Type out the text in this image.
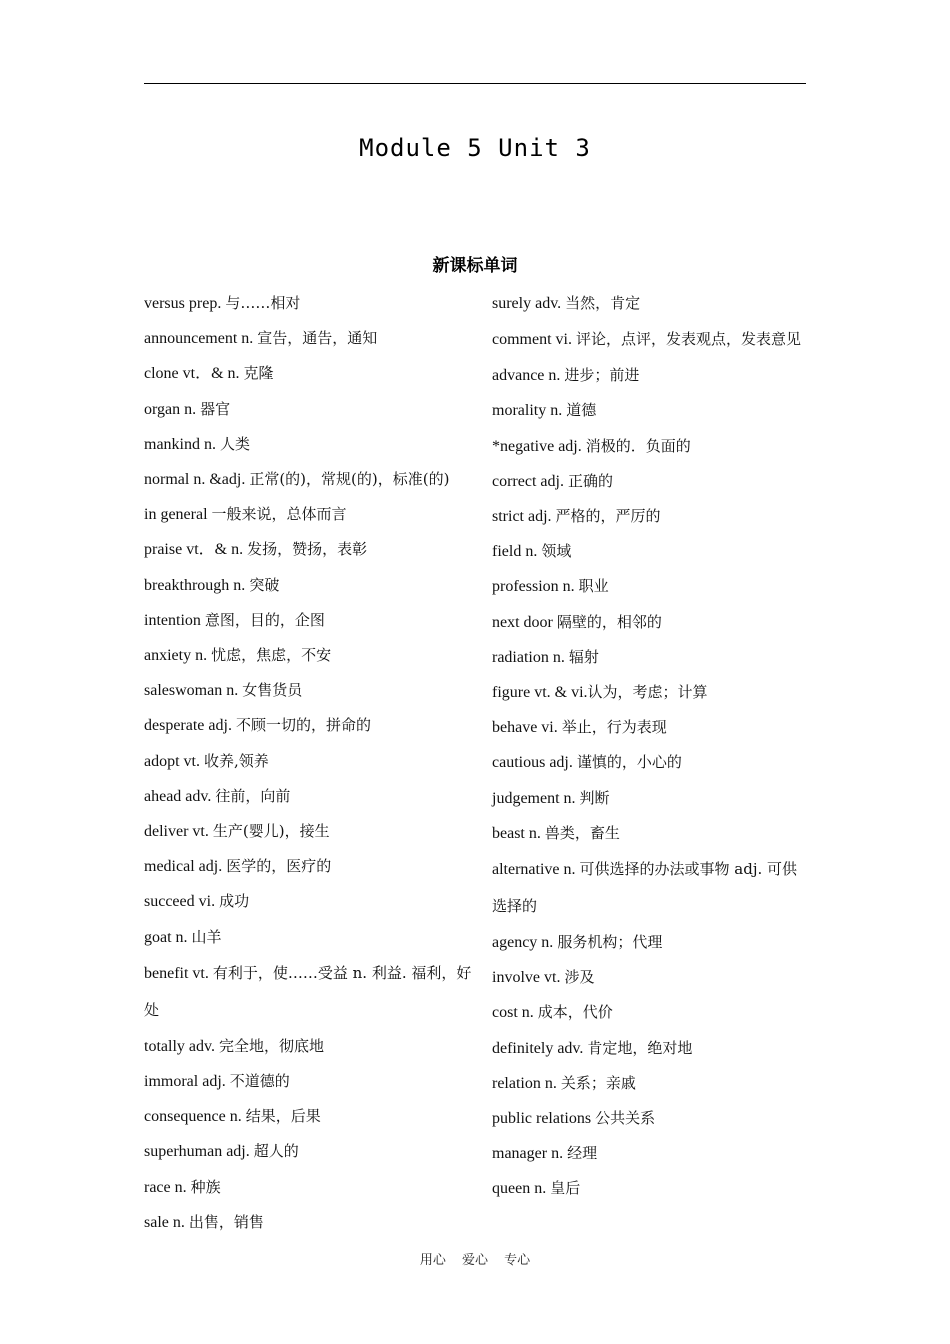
Module 5 Unit 3
新课标单词
versus prep. 与……相对
announcement n. 宣告，通告，通知
clone vt．& n. 克隆
organ n. 器官
mankind n. 人类
normal n. &adj. 正常(的)，常规(的)，标准(的)
in general 一般来说，总体而言
praise vt．& n. 发扬，赞扬，表彰
breakthrough n. 突破
intention 意图，目的，企图
anxiety n. 忧虑，焦虑，不安
saleswoman n. 女售货员
desperate adj. 不顾一切的，拼命的
adopt vt. 收养,领养
ahead adv. 往前，向前
deliver vt. 生产(婴儿)，接生
medical adj. 医学的，医疗的
succeed vi. 成功
goat n. 山羊
benefit vt. 有利于，使……受益 n. 利益. 福利，好处
totally adv. 完全地，彻底地
immoral adj. 不道德的
consequence n. 结果，后果
superhuman adj. 超人的
race n. 种族
sale n. 出售，销售
surely adv. 当然，肯定
comment vi. 评论，点评，发表观点，发表意见
advance n. 进步；前进
morality n. 道德
*negative adj. 消极的．负面的
correct adj. 正确的
strict adj. 严格的，严厉的
field n. 领域
profession n. 职业
next door 隔壁的，相邻的
radiation n. 辐射
figure vt. & vi.认为，考虑；计算
behave vi. 举止，行为表现
cautious adj. 谨慎的，小心的
judgement n. 判断
beast n. 兽类，畜生
alternative n. 可供选择的办法或事物 adj. 可供选择的
agency n. 服务机构；代理
involve vt. 涉及
cost n. 成本，代价
definitely adv. 肯定地，绝对地
relation n. 关系；亲戚
public relations 公共关系
manager n. 经理
queen n. 皇后
用心 爱心 专心
